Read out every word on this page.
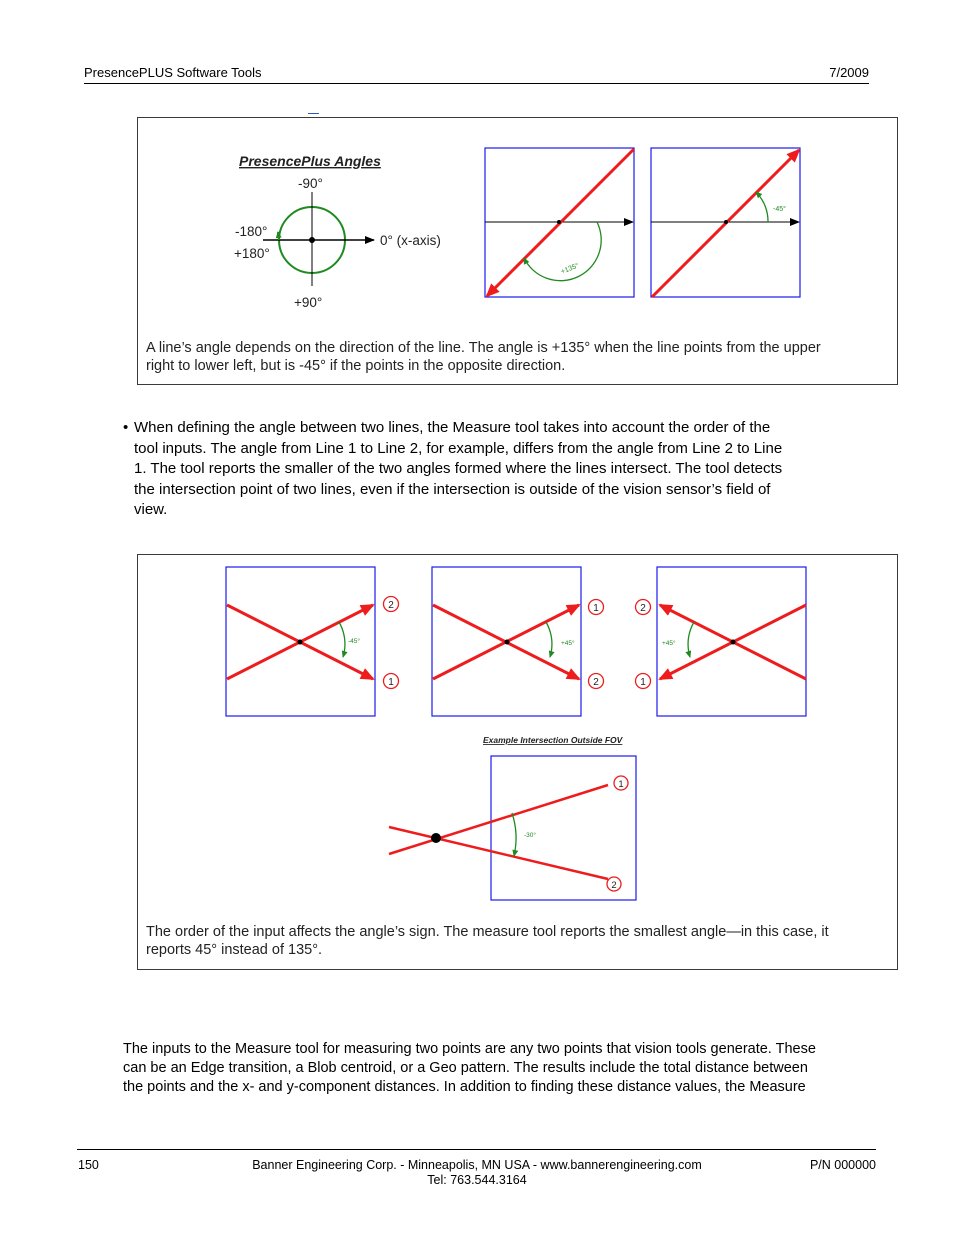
PresencePLUS Software Tools	7/2009
PresencePlus Angles
-90°
-180°
+180°
0° (x-axis)
+90°
+135°
-45°
A line’s angle depends on the direction of the line. The angle is +135° when the line points from the upper
right to lower left, but is -45° if the points in the opposite direction.
• When defining the angle between two lines, the Measure tool takes into account the order of the
tool inputs. The angle from Line 1 to Line 2, for example, differs from the angle from Line 2 to Line
1. The tool reports the smaller of the two angles formed where the lines intersect. The tool detects
the intersection point of two lines, even if the intersection is outside of the vision sensor’s field of
view.
-45°
2
1
+45°
1
2
+45°
2
1
Example Intersection Outside FOV
-30°
1
2
The order of the input affects the angle’s sign. The measure tool reports the smallest angle—in this case, it
reports 45° instead of 135°.
The inputs to the Measure tool for measuring two points are any two points that vision tools generate. These
can be an Edge transition, a Blob centroid, or a Geo pattern. The results include the total distance between
the points and the x- and y-component distances. In addition to finding these distance values, the Measure
150	Banner Engineering Corp. - Minneapolis, MN USA - www.bannerengineering.com
Tel: 763.544.3164
P/N 000000
